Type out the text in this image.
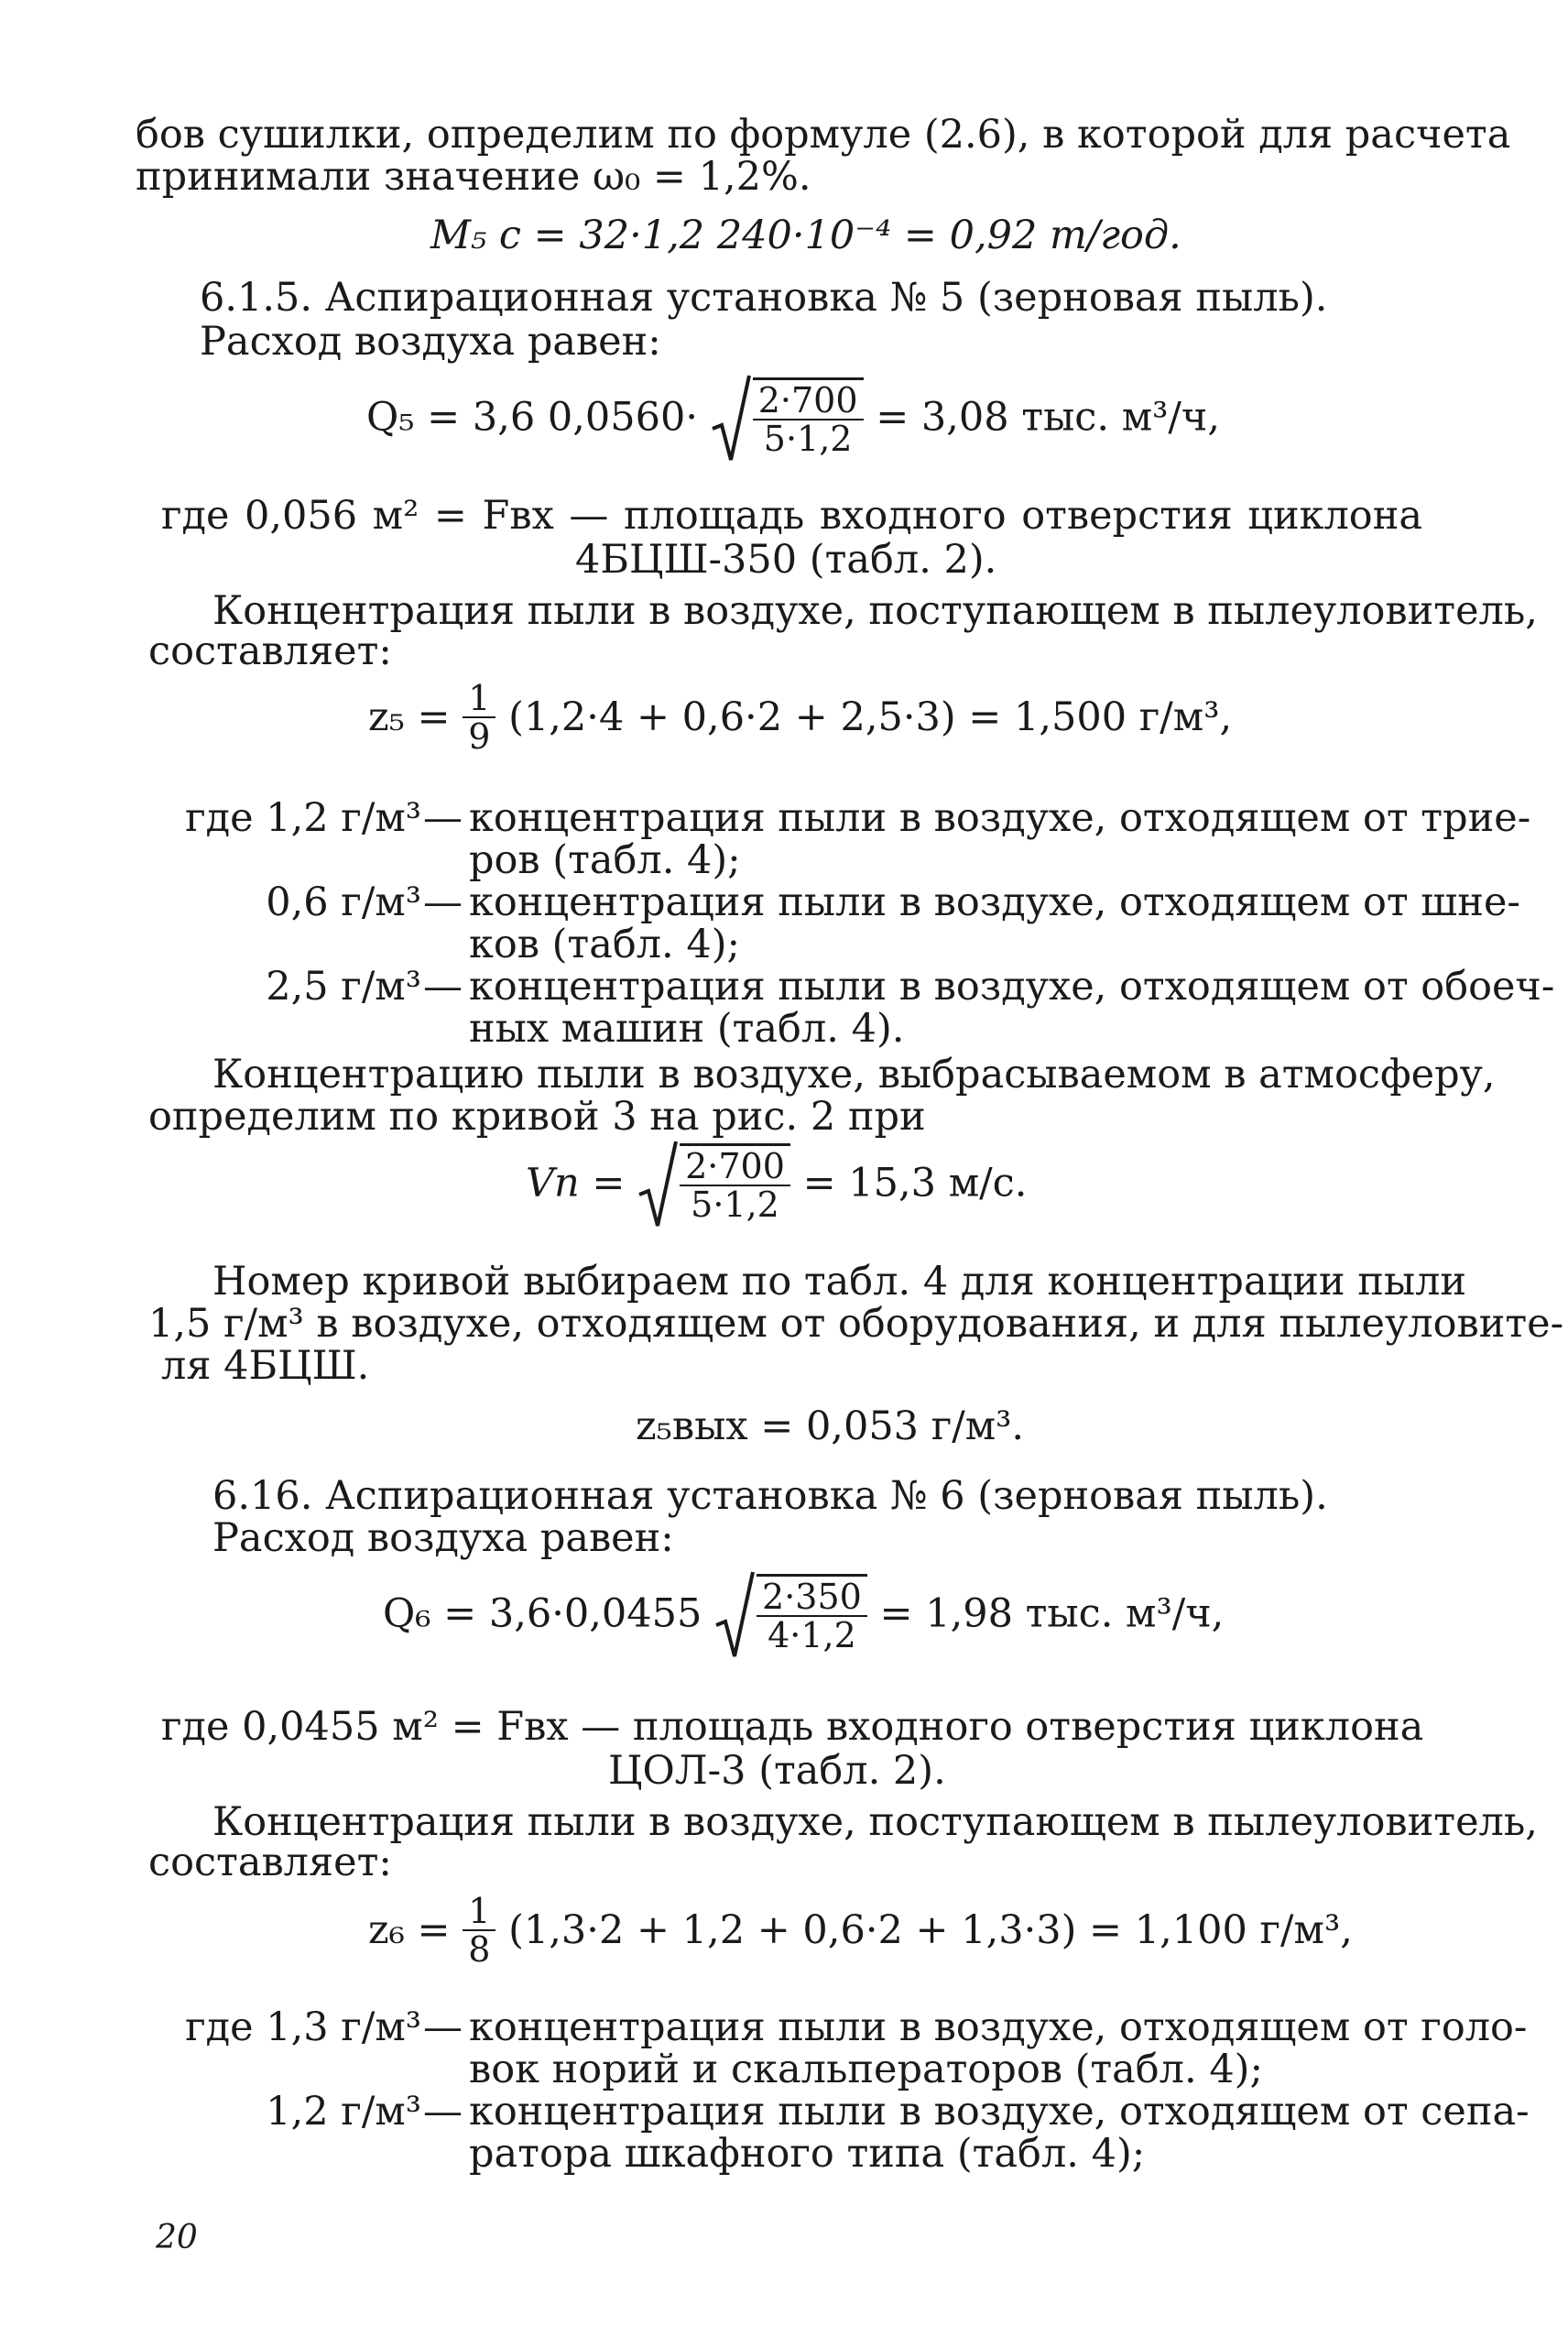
бов сушилки, определим по формуле (2.6), в которой для расчета
принимали значение ω₀ = 1,2%.
M₅ с = 32·1,2 240·10⁻⁴ = 0,92 т/год.
6.1.5. Аспирационная установка № 5 (зерновая пыль).
Расход воздуха равен:
Q₅ = 3,6 $0,0560\cdot \frac{2\cdot 700}{5\cdot 1,2} = 3,08$ тыс. м³/ч,
где 0,056 м² = Fвх — площадь входного отверстия циклона
4БЦШ-350 (табл. 2).
Концентрация пыли в воздухе, поступающем в пылеуловитель,
составляет:
$z_5 = \frac{1}{9} (1,2\cdot 4 + 0,6\cdot 2 + 2,5\cdot 3) = 1,500$ г/м³,
где 1,2 г/м³ — концентрация пыли в воздухе, отходящем от трие-
ров (табл. 4);
0,6 г/м³ — концентрация пыли в воздухе, отходящем от шне-
ков (табл. 4);
2,5 г/м³ — концентрация пыли в воздухе, отходящем от обоеч-
ных машин (табл. 4).
Концентрацию пыли в воздухе, выбрасываемом в атмосферу,
определим по кривой 3 на рис. 2 при
Vп = $\frac{2\cdot 700}{5\cdot 1,2} = 15,3$ м/с.
Номер кривой выбираем по табл. 4 для концентрации пыли
1,5 г/м³ в воздухе, отходящем от оборудования, и для пылеуловите-
ля 4БЦШ.
z₅вых = 0,053 г/м³.
6.16. Аспирационная установка № 6 (зерновая пыль).
Расход воздуха равен:
$Q_6 = 3,6\cdot 0,0455 \frac{2\cdot 350}{4\cdot 1,2} = 1,98$ тыс. м³/ч,
где 0,0455 м² = Fвх — площадь входного отверстия циклона
ЦОЛ-3 (табл. 2).
Концентрация пыли в воздухе, поступающем в пылеуловитель,
составляет:
$z_6 = \frac{1}{8} (1,3\cdot 2 + 1,2 + 0,6\cdot 2 + 1,3\cdot 3) = 1,100$ г/м³,
где 1,3 г/м³ — концентрация пыли в воздухе, отходящем от голо-
вок норий и скальператоров (табл. 4);
1,2 г/м³ — концентрация пыли в воздухе, отходящем от сепа-
ратора шкафного типа (табл. 4);
20
